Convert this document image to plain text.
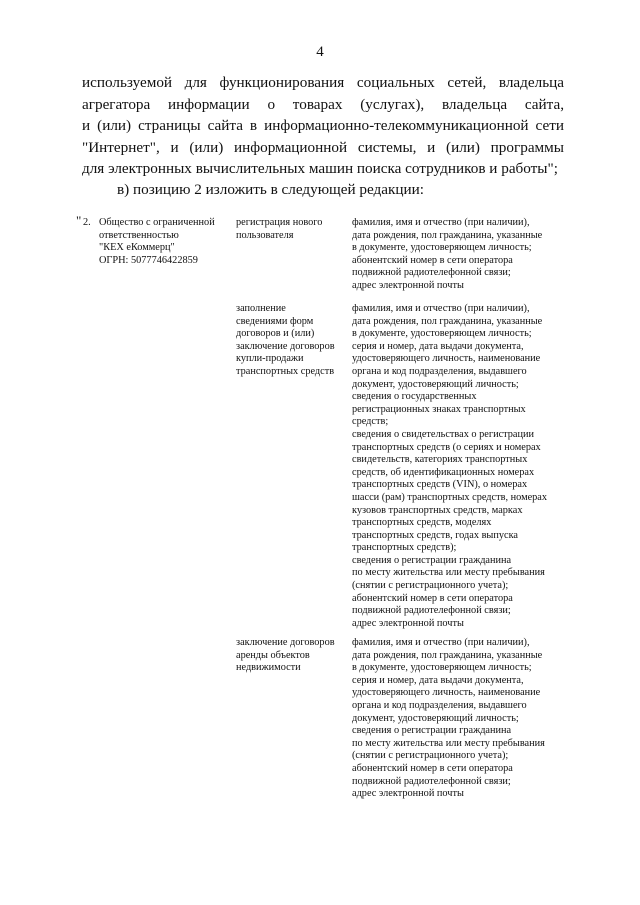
4
используемой для функционирования социальных сетей, владельца
агрегатора информации о товарах (услугах), владельца сайта,
и (или) страницы сайта в информационно-телекоммуникационной сети
"Интернет", и (или) информационной системы, и (или) программы
для электронных вычислительных машин поиска сотрудников и работы";
в) позицию 2 изложить в следующей редакции:
" 2. Общество с ограниченной
ответственностью
"КЕХ еКоммерц"
ОГРН: 5077746422859
регистрация нового
пользователя
фамилия, имя и отчество (при наличии),
дата рождения, пол гражданина, указанные
в документе, удостоверяющем личность;
абонентский номер в сети оператора
подвижной радиотелефонной связи;
адрес электронной почты
заполнение
сведениями форм
договоров и (или)
заключение договоров
купли-продажи
транспортных средств
фамилия, имя и отчество (при наличии),
дата рождения, пол гражданина, указанные
в документе, удостоверяющем личность;
серия и номер, дата выдачи документа,
удостоверяющего личность, наименование
органа и код подразделения, выдавшего
документ, удостоверяющий личность;
сведения о государственных
регистрационных знаках транспортных
средств;
сведения о свидетельствах о регистрации
транспортных средств (о сериях и номерах
свидетельств, категориях транспортных
средств, об идентификационных номерах
транспортных средств (VIN), о номерах
шасси (рам) транспортных средств, номерах
кузовов транспортных средств, марках
транспортных средств, моделях
транспортных средств, годах выпуска
транспортных средств);
сведения о регистрации гражданина
по месту жительства или месту пребывания
(снятии с регистрационного учета);
абонентский номер в сети оператора
подвижной радиотелефонной связи;
адрес электронной почты
заключение договоров
аренды объектов
недвижимости
фамилия, имя и отчество (при наличии),
дата рождения, пол гражданина, указанные
в документе, удостоверяющем личность;
серия и номер, дата выдачи документа,
удостоверяющего личность, наименование
органа и код подразделения, выдавшего
документ, удостоверяющий личность;
сведения о регистрации гражданина
по месту жительства или месту пребывания
(снятии с регистрационного учета);
абонентский номер в сети оператора
подвижной радиотелефонной связи;
адрес электронной почты
